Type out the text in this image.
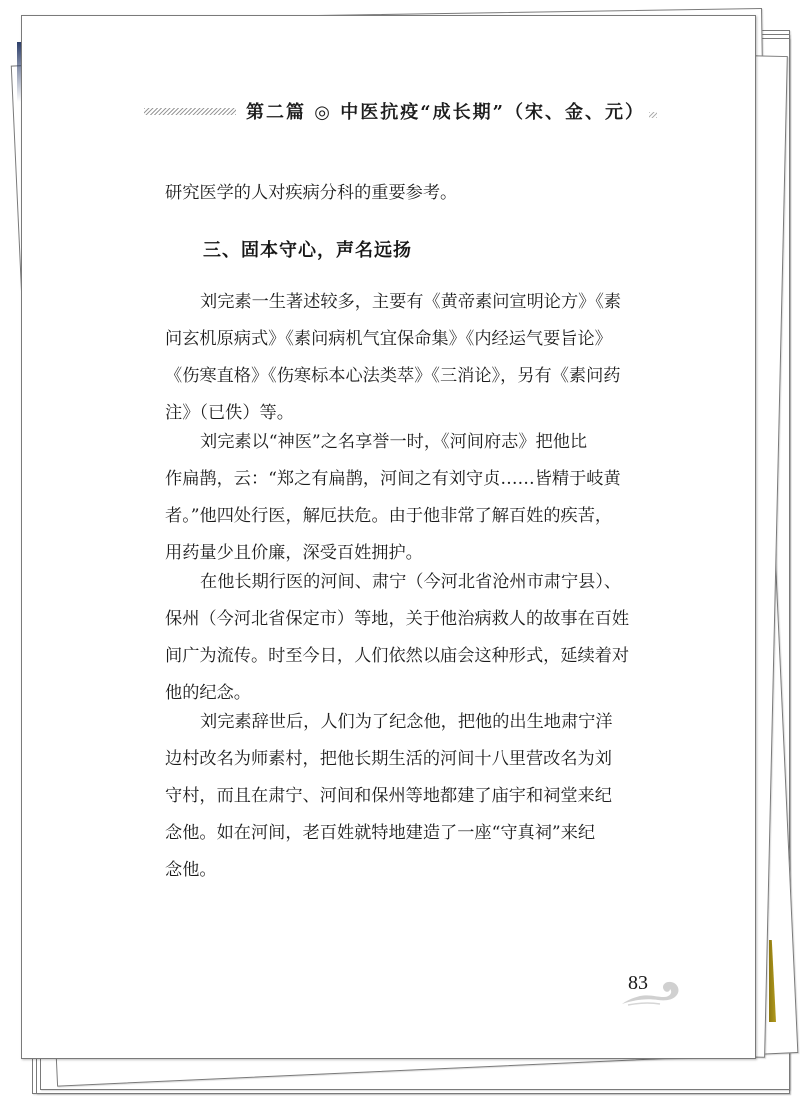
第二篇 ◎ 中医抗疫“成长期”（宋、金、元）
研究医学的人对疾病分科的重要参考。
三、固本守心，声名远扬
刘完素一生著述较多，主要有《黄帝素问宣明论方》《素
问玄机原病式》《素问病机气宜保命集》《内经运气要旨论》
《伤寒直格》《伤寒标本心法类萃》《三消论》，另有《素问药
注》（已佚）等。
刘完素以“神医”之名享誉一时，《河间府志》把他比
作扁鹊，云：“郑之有扁鹊，河间之有刘守贞……皆精于岐黄
者。”他四处行医，解厄扶危。由于他非常了解百姓的疾苦，
用药量少且价廉，深受百姓拥护。
在他长期行医的河间、肃宁（今河北省沧州市肃宁县）、
保州（今河北省保定市）等地，关于他治病救人的故事在百姓
间广为流传。时至今日，人们依然以庙会这种形式，延续着对
他的纪念。
刘完素辞世后，人们为了纪念他，把他的出生地肃宁洋
边村改名为师素村，把他长期生活的河间十八里营改名为刘
守村，而且在肃宁、河间和保州等地都建了庙宇和祠堂来纪
念他。如在河间，老百姓就特地建造了一座“守真祠”来纪
念他。
83
